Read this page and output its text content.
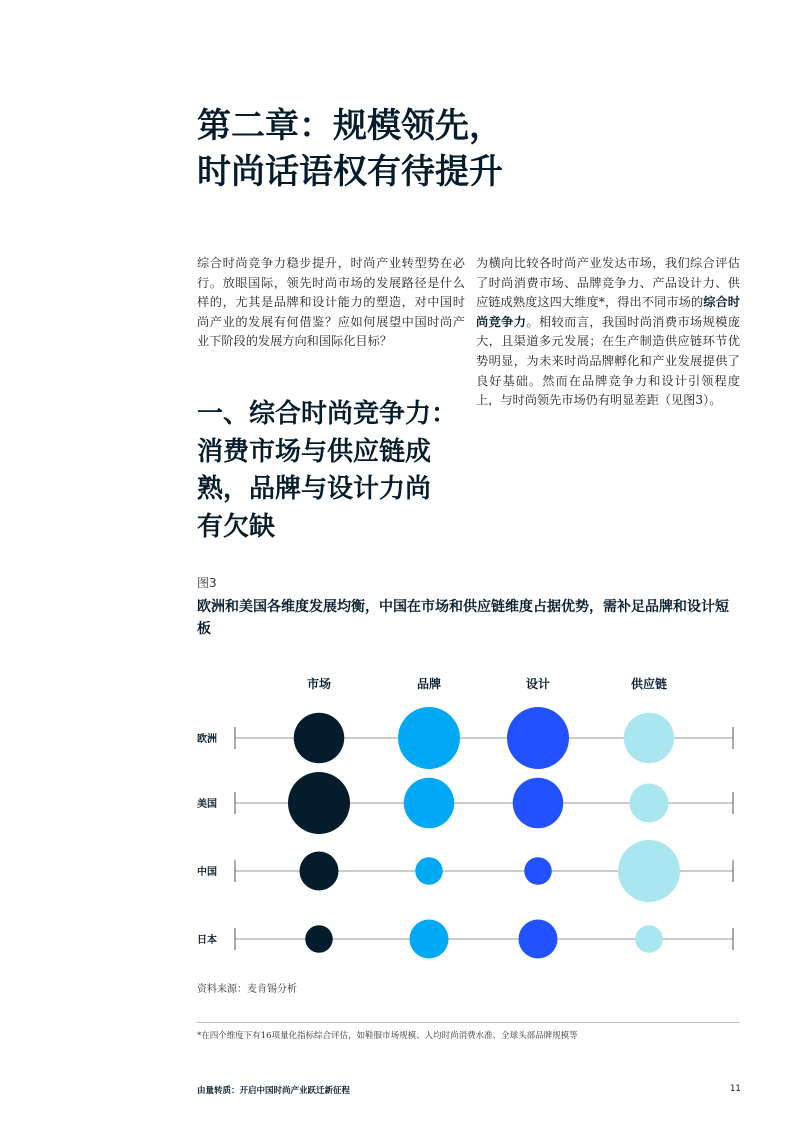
第二章：规模领先，
时尚话语权有待提升
综合时尚竞争力稳步提升，时尚产业转型势在必行。放眼国际，领先时尚市场的发展路径是什么样的，尤其是品牌和设计能力的塑造，对中国时尚产业的发展有何借鉴？应如何展望中国时尚产业下阶段的发展方向和国际化目标？
为横向比较各时尚产业发达市场，我们综合评估了时尚消费市场、品牌竞争力、产品设计力、供应链成熟度这四大维度*，得出不同市场的综合时尚竞争力。相较而言，我国时尚消费市场规模庞大，且渠道多元发展；在生产制造供应链环节优势明显，为未来时尚品牌孵化和产业发展提供了良好基础。然而在品牌竞争力和设计引领程度上，与时尚领先市场仍有明显差距（见图3）。
一、综合时尚竞争力：
消费市场与供应链成
熟，品牌与设计力尚
有欠缺
图3
欧洲和美国各维度发展均衡，中国在市场和供应链维度占据优势，需补足品牌和设计短板
市场	品牌	设计	供应链
欧洲
美国
中国
日本
资料来源：麦肯锡分析
*在四个维度下有16项量化指标综合评估，如鞋服市场规模、人均时尚消费水准、全球头部品牌规模等
由量转质：开启中国时尚产业跃迁新征程	11
